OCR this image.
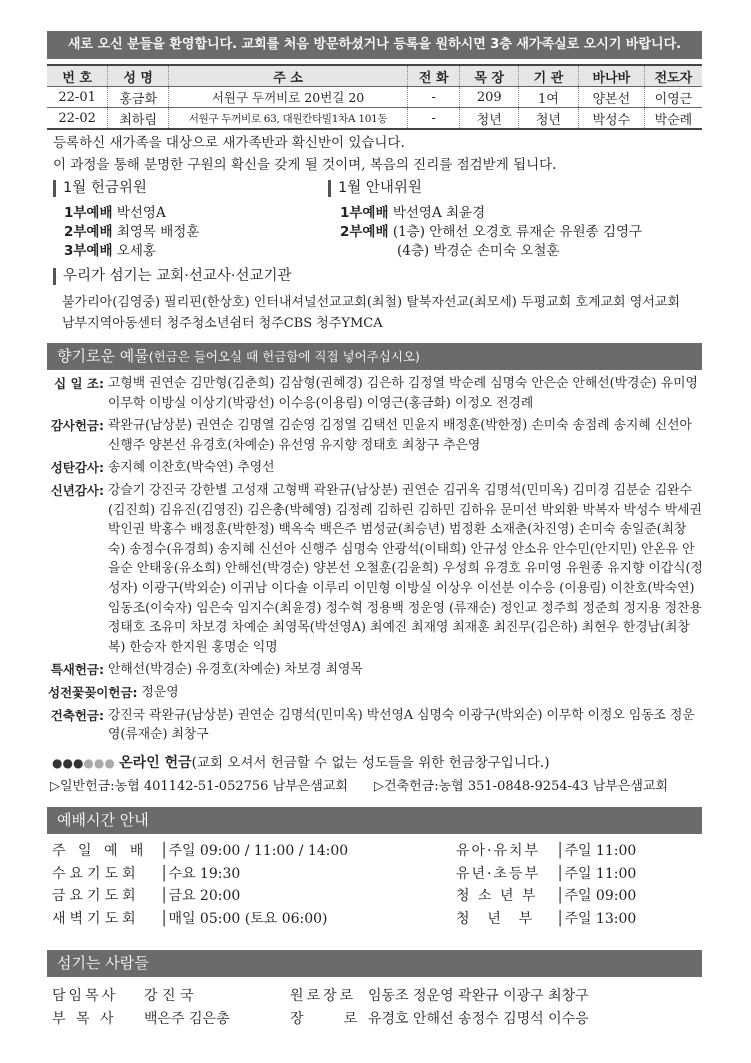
새로 오신 분들을 환영합니다. 교회를 처음 방문하셨거나 등록을 원하시면 3층 새가족실로 오시기 바랍니다.
번 호	성 명	주 소	전 화	목 장	기 관	바나바	전도자
22-01	홍금화	서원구 두꺼비로 20번길 20	-	209	1여	양본선	이영근
22-02	최하림	서원구 두꺼비로 63, 대원칸타빌1차A 101동	-	청년	청년	박성수	박순례
등록하신 새가족을 대상으로 새가족반과 확신반이 있습니다.
이 과정을 통해 분명한 구원의 확신을 갖게 될 것이며, 복음의 진리를 점검받게 됩니다.
1월 헌금위원
1부예배 박선영A
2부예배 최영목 배정훈
3부예배 오세홍
1월 안내위원
1부예배 박선영A 최윤경
2부예배 (1층) 안해선 오경호 류재순 유원종 김영구
(4층) 박경순 손미숙 오철훈
우리가 섬기는 교회·선교사·선교기관
불가리아(김영중) 필리핀(한상호) 인터내셔널선교교회(최철) 탈북자선교(최모세) 두평교회 호계교회 영서교회
남부지역아동센터 청주청소년쉼터 청주CBS 청주YMCA
향기로운 예물(헌금은 들어오실 때 헌금함에 직접 넣어주십시오)
십 일 조: 고형백 권연순 김만형(김춘희) 김삼형(권혜경) 김은하 김정열 박순례 심명숙 안은순 안해선(박경순) 유미영 이무학 이방실 이상기(박광선) 이수응(이용림) 이영근(홍금화) 이정오 전경례
감사헌금: 곽완규(남상분) 권연순 김명열 김순영 김정열 김택선 민윤지 배정훈(박한정) 손미숙 송점례 송지혜 신선아 신행주 양본선 유경호(차예순) 유선영 유지향 정태호 최창구 추은영
성탄감사: 송지혜 이찬호(박숙연) 추영선
신년감사: 강슬기 강진국 강한별 고성재 고형백 곽완규(남상분) 권연순 김귀옥 김명석(민미옥) 김미경 김분순 김완수(김진희) 김유진(김영진) 김은총(박혜영) 김정례 김하린 김하민 김하유 문미선 박외환 박복자 박성수 박세권 박인권 박홍수 배정훈(박한정) 백옥숙 백은주 범성균(최승년) 범정환 소재춘(차진영) 손미숙 송일준(최창숙) 송정수(유경희) 송지혜 신선아 신행주 심명숙 안광석(이태희) 안규성 안소유 안수민(안지민) 안온유 안을순 안태웅(유소희) 안해선(박경순) 양본선 오철훈(김윤희) 우성희 유경호 유미영 유원종 유지향 이갑식(정성자) 이광구(박외순) 이귀남 이다솔 이루리 이민형 이방실 이상우 이선분 이수응 (이용림) 이찬호(박숙연) 임동조(이숙자) 임은숙 임지수(최윤경) 정수혁 정용백 정운영 (류재순) 정인교 정주희 정준희 정지용 정찬용 정태호 조유미 차보경 차예순 최영목(박선영A) 최예진 최재영 최재훈 최진무(김은하) 최현우 한경남(최창복) 한승자 한지원 홍명순 익명
특새헌금: 안해선(박경순) 유경호(차예순) 차보경 최영목
성전꽃꽂이헌금: 정운영
건축헌금: 강진국 곽완규(남상분) 권연순 김명석(민미옥) 박선영A 심명숙 이광구(박외순) 이무학 이정오 임동조 정운영(류재순) 최창구
●●●●●● 온라인 헌금(교회 오셔서 헌금할 수 없는 성도들을 위한 헌금창구입니다.)
▷일반헌금:농협 401142-51-052756 남부은샘교회 ▷건축헌금:농협 351-0848-9254-43 남부은샘교회
예배시간 안내
주 일 예 배 │주일 09:00 / 11:00 / 14:00
수요기도회 │수요 19:30
금요기도회 │금요 20:00
새벽기도회 │매일 05:00 (토요 06:00)
유아·유치부 │주일 11:00
유년·초등부 │주일 11:00
청 소 년 부 │주일 09:00
청    년    부 │주일 13:00
섬기는 사람들
담임목사 강 진 국
부 목 사 백은주 김은총
원로장로 임동조 정운영 곽완규 이광구 최창구
장     로 유경호 안해선 송정수 김명석 이수응
